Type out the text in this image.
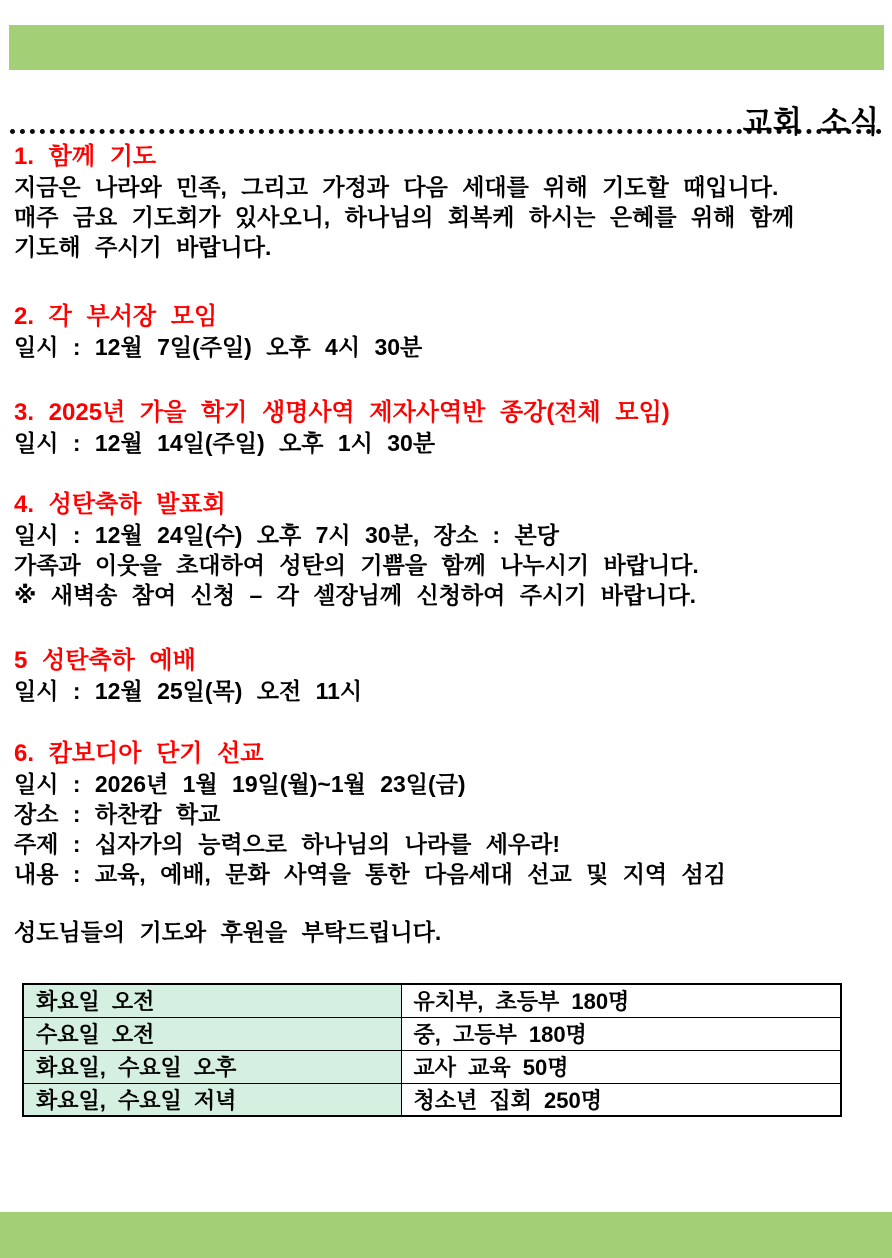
교회 소식
1. 함께 기도
지금은 나라와 민족, 그리고 가정과 다음 세대를 위해 기도할 때입니다.
매주 금요 기도회가 있사오니, 하나님의 회복케 하시는 은혜를 위해 함께
기도해 주시기 바랍니다.
2. 각 부서장 모임
일시 : 12월 7일(주일) 오후 4시 30분
3. 2025년 가을 학기 생명사역 제자사역반 종강(전체 모임)
일시 : 12월 14일(주일) 오후 1시 30분
4. 성탄축하 발표회
일시 : 12월 24일(수) 오후 7시 30분, 장소 : 본당
가족과 이웃을 초대하여 성탄의 기쁨을 함께 나누시기 바랍니다.
※ 새벽송 참여 신청 – 각 셀장님께 신청하여 주시기 바랍니다.
5 성탄축하 예배
일시 : 12월 25일(목) 오전 11시
6. 캄보디아 단기 선교
일시 : 2026년 1월 19일(월)~1월 23일(금)
장소 : 하찬캄 학교
주제 : 십자가의 능력으로 하나님의 나라를 세우라!
내용 : 교육, 예배, 문화 사역을 통한 다음세대 선교 및 지역 섬김
성도님들의 기도와 후원을 부탁드립니다.
화요일 오전	유치부, 초등부 180명
수요일 오전	중, 고등부 180명
화요일, 수요일 오후	교사 교육 50명
화요일, 수요일 저녁	청소년 집회 250명
